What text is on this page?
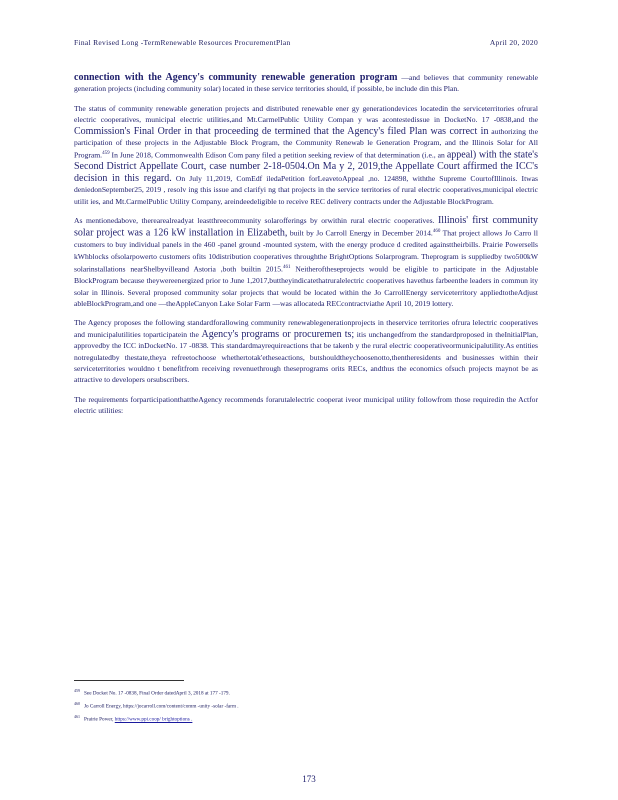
Final Revised Long -TermRenewable Resources ProcurementPlan	April 20, 2020

connection with the Agency's community renewable generation program —and believes that community renewable generation projects (including community solar) located in these service territories should, if possible, be include din this Plan.

The status of community renewable generation projects and distributed renewable ener gy generationdevices locatedin the serviceterritories ofrural electric cooperatives, municipal electric utilities,and Mt.CarmelPublic Utility Compan y was acontestedissue in DocketNo. 17 -0838,and the Commission's Final Order in that proceeding de termined that the Agency's filed Plan was correct in authorizing the participation of these projects in the Adjustable Block Program, the Community Renewab le Generation Program, and the Illinois Solar for All Program.$^{459}$ In June 2018, Commonwealth Edison Com pany filed a petition seeking review of that determination (i.e., an appeal) with the state's Second District Appellate Court, case number 2-18-0504.On Ma y 2, 2019,the Appellate Court affirmed the ICC's decision in this regard. On July 11,2019, ComEdf iledaPetition forLeavetoAppeal ,no. 124898, withthe Supreme CourtofIllinois. Itwas deniedonSeptember25, 2019 , resolv ing this issue and clarifyi ng that projects in the service territories of rural electric cooperatives,municipal electric utilit ies, and Mt.CarmelPublic Utility Company, areindeedeligible to receive REC delivery contracts under the Adjustable BlockProgram.

As mentionedabove, therearealreadyat leastthreecommunity solarofferings by orwithin rural electric cooperatives. Illinois' first community solar project was a 126 kW installation in Elizabeth, built by Jo Carroll Energy in December 2014.$^{460}$ That project allows Jo Carro ll customers to buy individual panels in the 460 -panel ground -mounted system, with the energy produce d credited againsttheirbills. Prairie Powersells kWhblocks ofsolarpowerto customers ofits 10distribution cooperatives throughthe BrightOptions Solarprogram. Theprogram is suppliedby two500kW solarinstallations nearShelbyvilleand Astoria ,both builtin 2015.$^{461}$ Neitheroftheseprojects would be eligible to participate in the Adjustable BlockProgram because theywereenergized prior to June 1,2017,buttheyindicatethatruralelectric cooperatives havethus farbeenthe leaders in commun ity solar in Illinois. Several proposed community solar projects that would be located within the Jo CarrollEnergy serviceterritory appliedtotheAdjust ableBlockProgram,and one —theAppleCanyon Lake Solar Farm —was allocateda RECcontractviathe April 10, 2019 lottery.

The Agency proposes the following standardforallowing community renewablegenerationprojects in theservice territories ofrura lelectric cooperatives and municipalutilities toparticipatein the Agency's programs or procuremen ts; itis unchangedfrom the standardproposed in theInitialPlan, approvedby the ICC inDocketNo. 17 -0838. This standardmayrequireactions that be takenb y the rural electric cooperativeormunicipalutility.As entities notregulatedby thestate,theya refreetochoose whethertotak'etheseactions, butshouldtheychoosenotto,thentheresidents and businesses within their serviceterritories wouldno t benefitfrom receiving revenuethrough theseprograms orits RECs, andthus the economics ofsuch projects maynot be as attractive to developers orsubscribers.

The requirements forparticipationthattheAgency recommends forarutalelectric cooperat iveor municipal utility followfrom those requiredin the Actfor electric utilities:

$^{459}$See Docket No. 17 -0838, Final Order datedApril 3, 2018 at 177 -179.

$^{460}$Jo Carroll Energy, https://jocarroll.com/content/comm -unity -solar -farm .

$^{461}$Prairie Power, https://www.ppi.coop/ brightoptions .

173
